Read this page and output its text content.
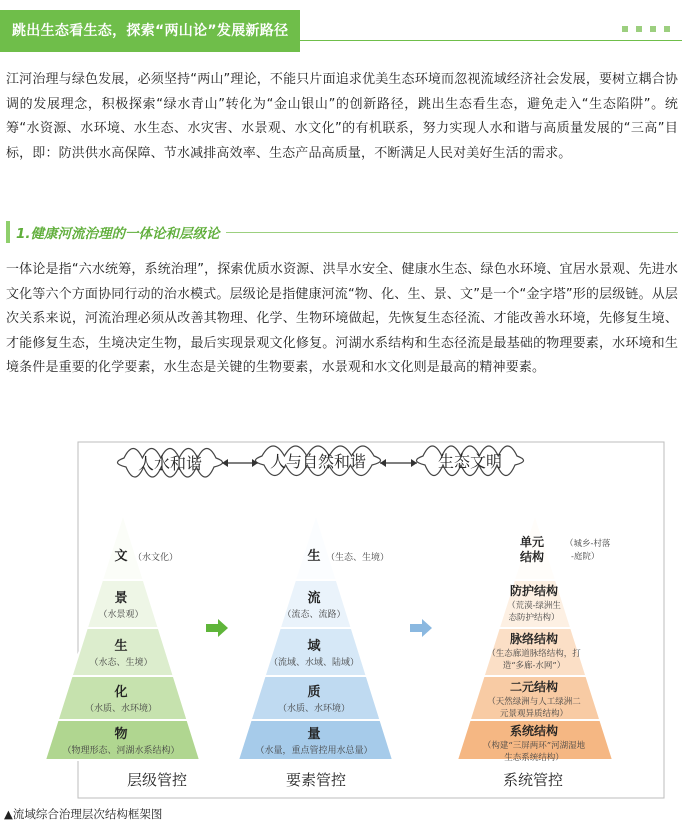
跳出生态看生态，探索“两山论”发展新路径

江河治理与绿色发展，必须坚持“两山”理论，不能只片面追求优美生态环境而忽视流域经济社会发展，要树立耦合协调的发展理念，积极探索“绿水青山”转化为“金山银山”的创新路径，跳出生态看生态，避免走入“生态陷阱”。统筹“水资源、水环境、水生态、水灾害、水景观、水文化”的有机联系，努力实现人水和谐与高质量发展的“三高”目标，即：防洪供水高保障、节水减排高效率、生态产品高质量，不断满足人民对美好生活的需求。

1.健康河流治理的一体论和层级论

一体论是指“六水统筹，系统治理”，探索优质水资源、洪旱水安全、健康水生态、绿色水环境、宜居水景观、先进水文化等六个方面协同行动的治水模式。层级论是指健康河流“物、化、生、景、文”是一个“金字塔”形的层级链。从层次关系来说，河流治理必须从改善其物理、化学、生物环境做起，先恢复生态径流、才能改善水环境，先修复生境、才能修复生态，生境决定生物，最后实现景观文化修复。河湖水系结构和生态径流是最基础的物理要素，水环境和生境条件是重要的化学要素，水生态是关键的生物要素，水景观和水文化则是最高的精神要素。

人水和谐	人与自然和谐	生态文明
文 （水文化）
景
（水景观）
生
（水态、生境）
化
（水质、水环境）
物
（物理形态、河湖水系结构）
生 （生态、生境）
流
（流态、流路）
域
（流域、水域、陆域）
质
（水质、水环境）
量
（水量，重点管控用水总量）
单元
结构
（城乡-村落
-庭院）
防护结构
（荒漠-绿洲生
态防护结构）
脉络结构
（生态廊道脉络结构，打
造“多廊-水网”）
二元结构
（天然绿洲与人工绿洲二
元景观异质结构）
系统结构
（构建“三屏两环”河湖湿地
生态系统结构）
层级管控	要素管控	系统管控
▲流域综合治理层次结构框架图
